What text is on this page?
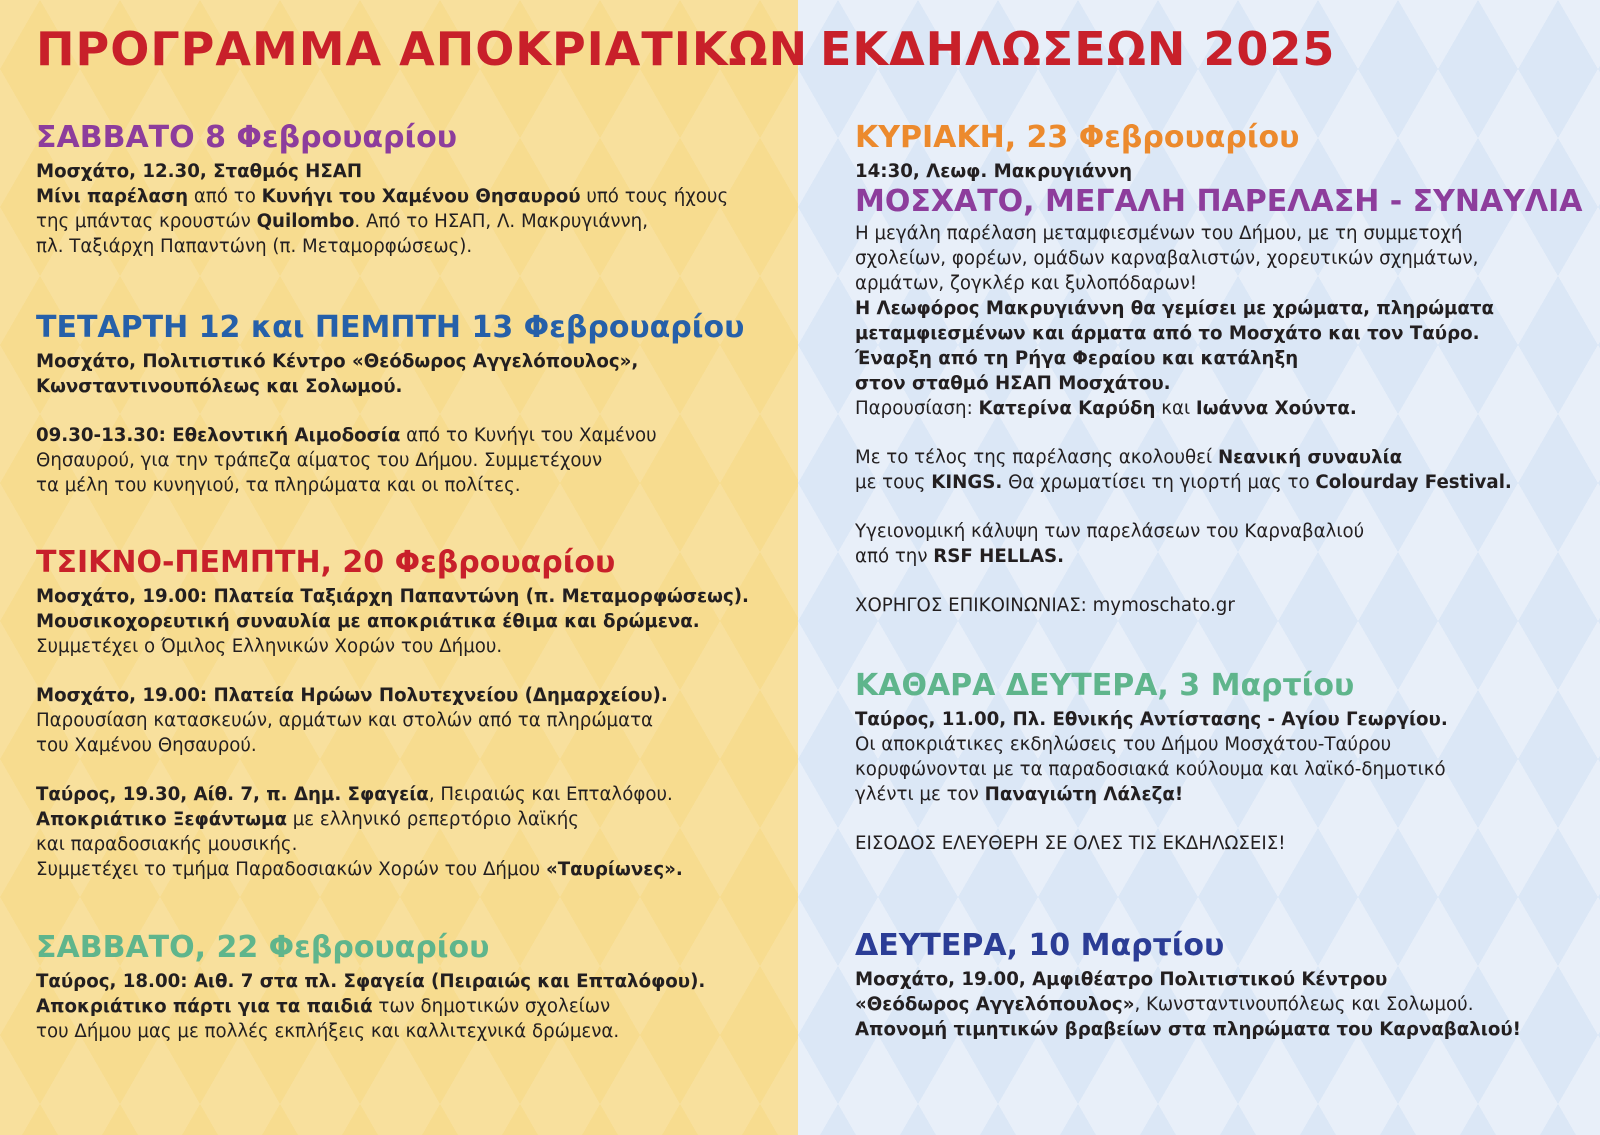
ΠΡΟΓΡΑΜΜΑ ΑΠΟΚΡΙΑΤΙΚΩΝ ΕΚΔΗΛΩΣΕΩΝ 2025

ΣΑΒΒΑΤΟ 8 Φεβρουαρίου

Μοσχάτο, 12.30, Σταθμός ΗΣΑΠ

Μίνι παρέλαση από το Κυνήγι του Χαμένου Θησαυρού υπό τους ήχους

της μπάντας κρουστών Quilombo. Από το ΗΣΑΠ, Λ. Μακρυγιάννη,

πλ. Ταξιάρχη Παπαντώνη (π. Μεταμορφώσεως).

ΤΕΤΑΡΤΗ 12 και ΠΕΜΠΤΗ 13 Φεβρουαρίου

Μοσχάτο, Πολιτιστικό Κέντρο «Θεόδωρος Αγγελόπουλος»,

Κωνσταντινουπόλεως και Σολωμού.

09.30-13.30: Εθελοντική Αιμοδοσία από το Κυνήγι του Χαμένου

Θησαυρού, για την τράπεζα αίματος του Δήμου. Συμμετέχουν

τα μέλη του κυνηγιού, τα πληρώματα και οι πολίτες.

ΤΣΙΚΝΟ-ΠΕΜΠΤΗ, 20 Φεβρουαρίου

Μοσχάτο, 19.00: Πλατεία Ταξιάρχη Παπαντώνη (π. Μεταμορφώσεως).

Μουσικοχορευτική συναυλία με αποκριάτικα έθιμα και δρώμενα.

Συμμετέχει ο Όμιλος Ελληνικών Χορών του Δήμου.

Μοσχάτο, 19.00: Πλατεία Ηρώων Πολυτεχνείου (Δημαρχείου).

Παρουσίαση κατασκευών, αρμάτων και στολών από τα πληρώματα

του Χαμένου Θησαυρού.

Ταύρος, 19.30, Αίθ. 7, π. Δημ. Σφαγεία, Πειραιώς και Επταλόφου.

Αποκριάτικο Ξεφάντωμα με ελληνικό ρεπερτόριο λαϊκής

και παραδοσιακής μουσικής.

Συμμετέχει το τμήμα Παραδοσιακών Χορών του Δήμου «Ταυρίωνες».

ΣΑΒΒΑΤΟ, 22 Φεβρουαρίου

Ταύρος, 18.00: Αιθ. 7 στα πλ. Σφαγεία (Πειραιώς και Επταλόφου).

Αποκριάτικο πάρτι για τα παιδιά των δημοτικών σχολείων

του Δήμου μας με πολλές εκπλήξεις και καλλιτεχνικά δρώμενα.

ΚΥΡΙΑΚΗ, 23 Φεβρουαρίου

14:30, Λεωφ. Μακρυγιάννη

ΜΟΣΧΑΤΟ, ΜΕΓΑΛΗ ΠΑΡΕΛΑΣΗ - ΣΥΝΑΥΛΙΑ

Η μεγάλη παρέλαση μεταμφιεσμένων του Δήμου, με τη συμμετοχή

σχολείων, φορέων, ομάδων καρναβαλιστών, χορευτικών σχημάτων,

αρμάτων, ζογκλέρ και ξυλοπόδαρων!

Η Λεωφόρος Μακρυγιάννη θα γεμίσει με χρώματα, πληρώματα

μεταμφιεσμένων και άρματα από το Μοσχάτο και τον Ταύρο.

Έναρξη από τη Ρήγα Φεραίου και κατάληξη

στον σταθμό ΗΣΑΠ Μοσχάτου.

Παρουσίαση: Κατερίνα Καρύδη και Ιωάννα Χούντα.

Με το τέλος της παρέλασης ακολουθεί Νεανική συναυλία

με τους KINGS. Θα χρωματίσει τη γιορτή μας το Colourday Festival.

Υγειονομική κάλυψη των παρελάσεων του Καρναβαλιού

από την RSF HELLAS.

ΧΟΡΗΓΟΣ ΕΠΙΚΟΙΝΩΝΙΑΣ: mymoschato.gr

ΚΑΘΑΡΑ ΔΕΥΤΕΡΑ, 3 Μαρτίου

Ταύρος, 11.00, Πλ. Εθνικής Αντίστασης - Αγίου Γεωργίου.

Οι αποκριάτικες εκδηλώσεις του Δήμου Μοσχάτου-Ταύρου

κορυφώνονται με τα παραδοσιακά κούλουμα και λαϊκό-δημοτικό

γλέντι με τον Παναγιώτη Λάλεζα!

ΕΙΣΟΔΟΣ ΕΛΕΥΘΕΡΗ ΣΕ ΟΛΕΣ ΤΙΣ ΕΚΔΗΛΩΣΕΙΣ!

ΔΕΥΤΕΡΑ, 10 Μαρτίου

Μοσχάτο, 19.00, Αμφιθέατρο Πολιτιστικού Κέντρου

«Θεόδωρος Αγγελόπουλος», Κωνσταντινουπόλεως και Σολωμού.

Απονομή τιμητικών βραβείων στα πληρώματα του Καρναβαλιού!
